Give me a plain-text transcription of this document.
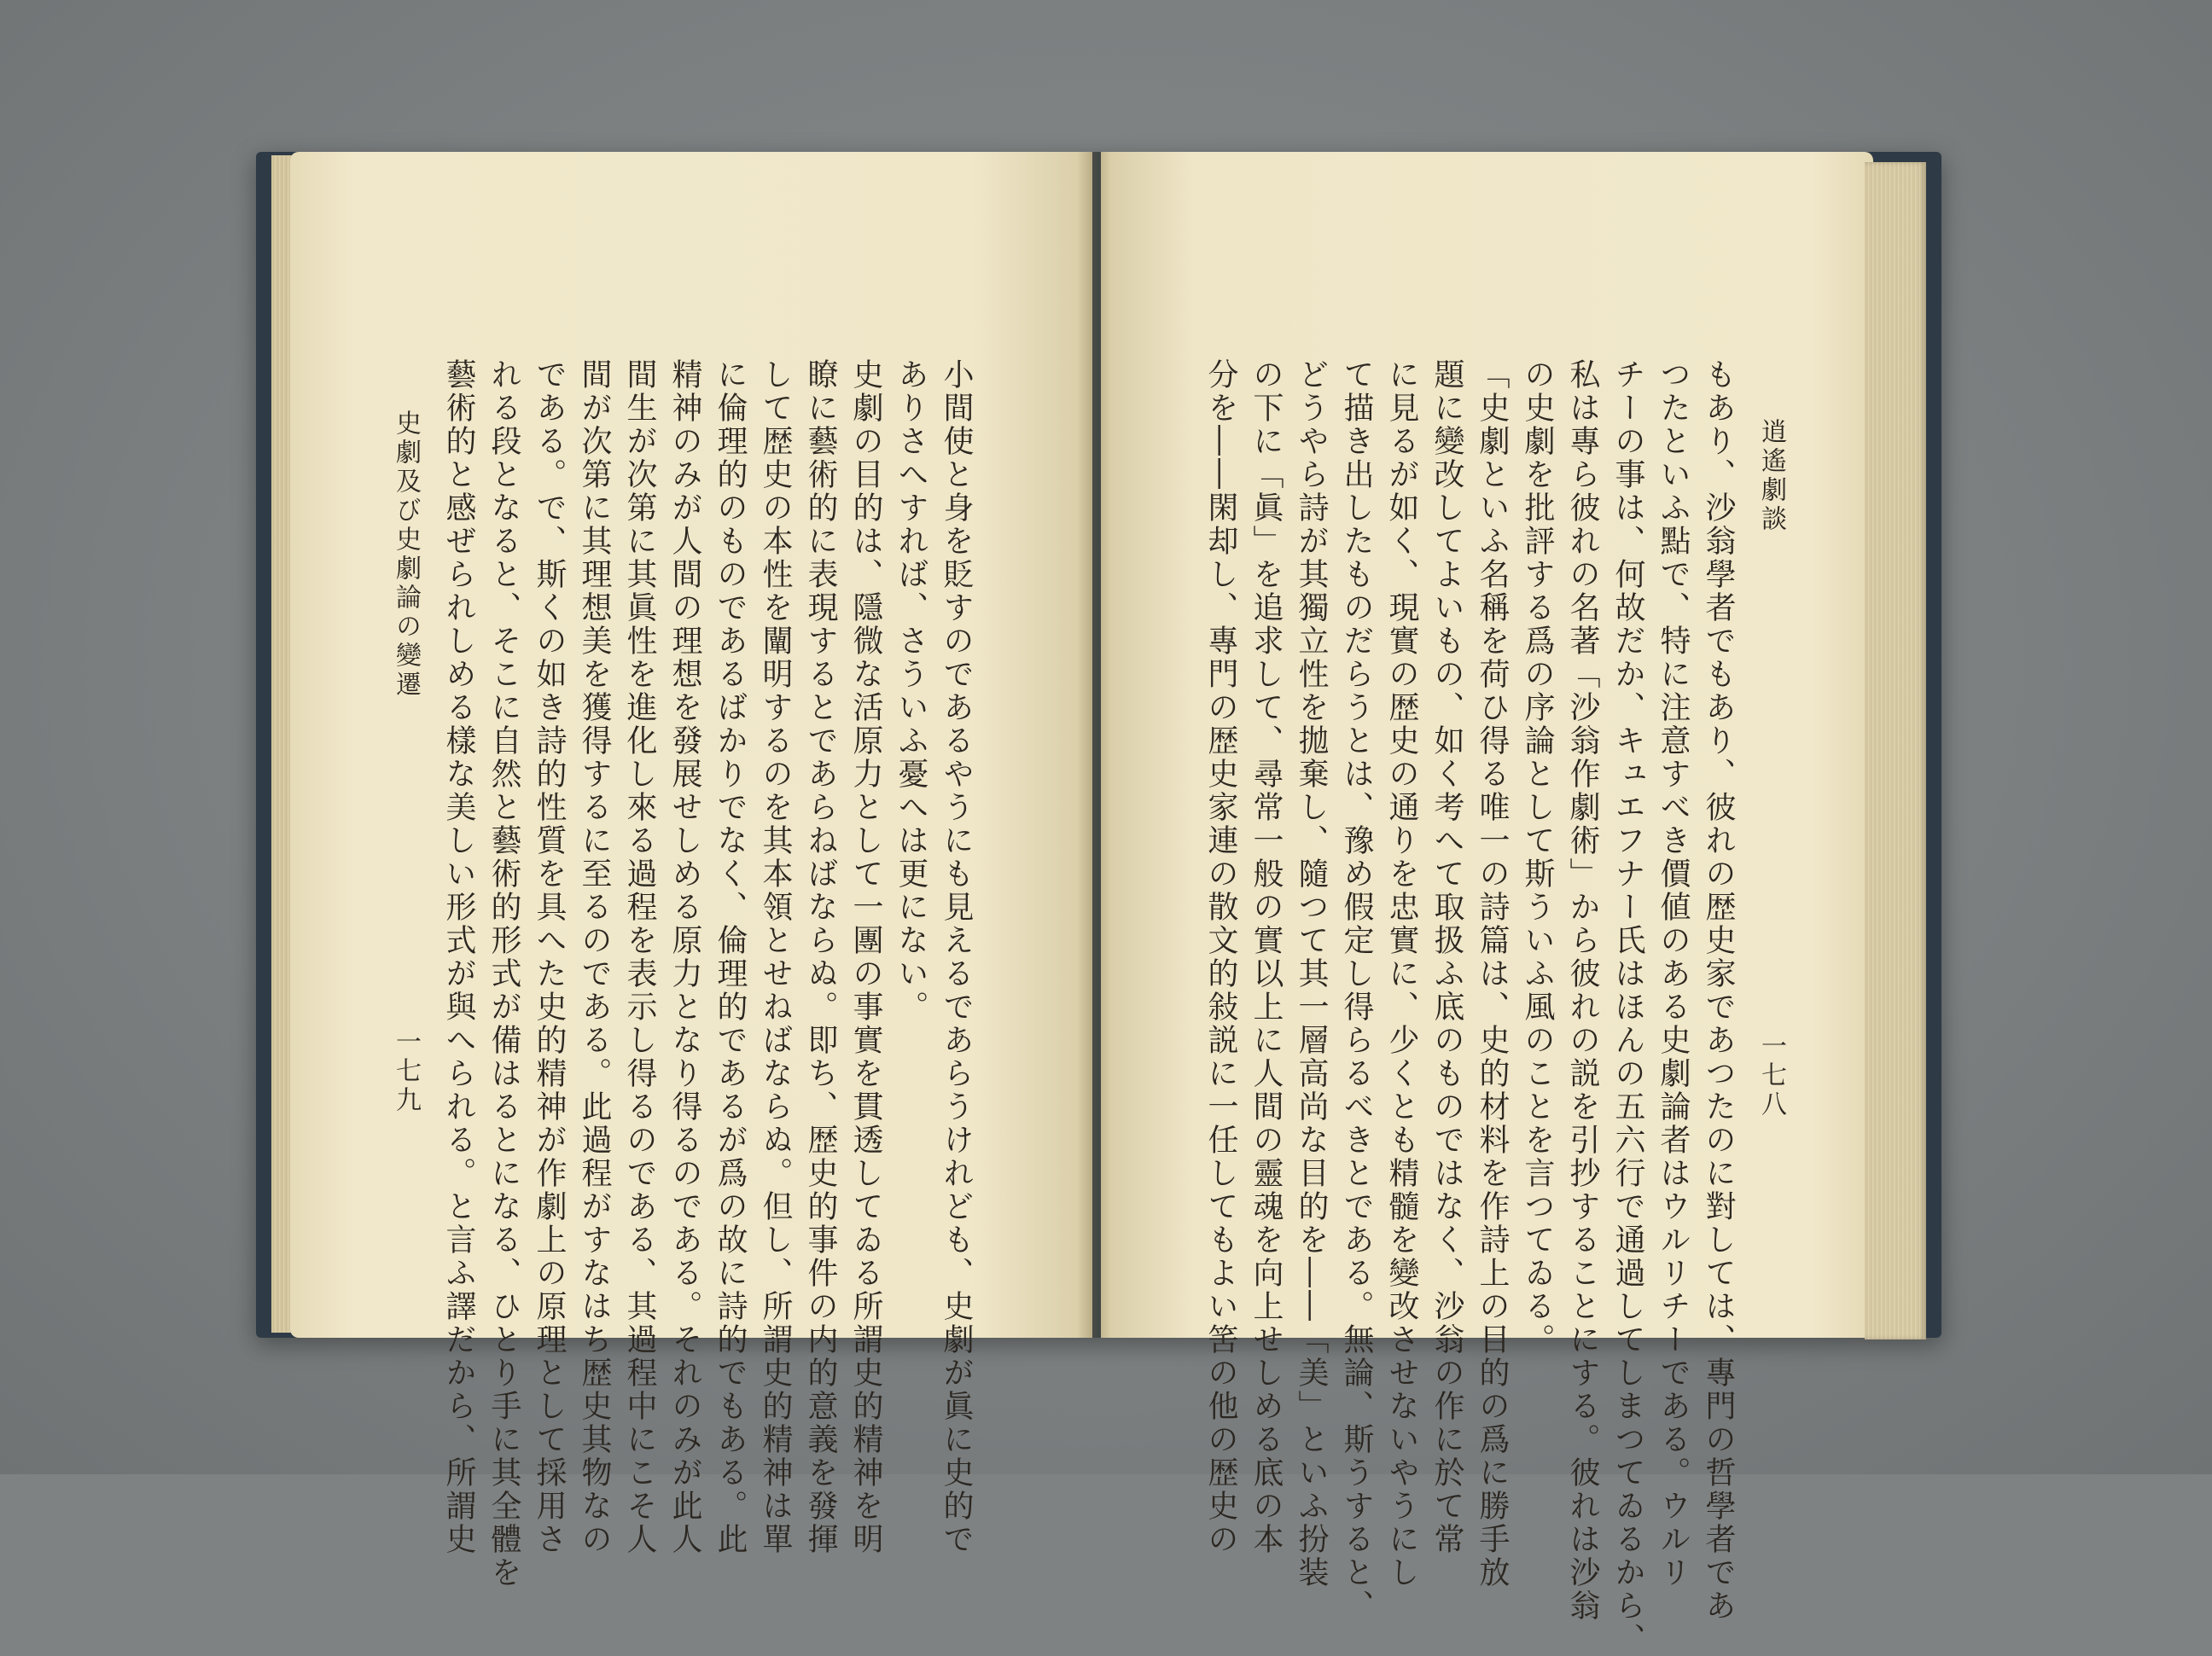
逍遙劇談
一七八
もあり、沙翁學者でもあり、彼れの歴史家であつたのに對しては、專門の哲學者であ
つたといふ點で、特に注意すべき價値のある史劇論者はウルリチーである。ウルリ
チーの事は、何故だか、キュエフナー氏はほんの五六行で通過してしまつてゐるから、
私は專ら彼れの名著「沙翁作劇術」から彼れの説を引抄することにする。彼れは沙翁
の史劇を批評する爲の序論として斯ういふ風のことを言つてゐる。
「史劇といふ名稱を荷ひ得る唯一の詩篇は、史的材料を作詩上の目的の爲に勝手放
題に變改してよいもの、如く考へて取扱ふ底のものではなく、沙翁の作に於て常
に見るが如く、現實の歴史の通りを忠實に、少くとも精髓を變改させないやうにし
て描き出したものだらうとは、豫め假定し得らるべきとである。無論、斯うすると、
どうやら詩が其獨立性を拋棄し、隨つて其一層高尚な目的を――「美」といふ扮装
の下に「眞」を追求して、尋常一般の實以上に人間の靈魂を向上せしめる底の本
分を――閑却し、專門の歴史家連の散文的敍説に一任してもよい筈の他の歴史の
小間使と身を貶すのであるやうにも見えるであらうけれども、史劇が眞に史的で
ありさへすれば、さういふ憂へは更にない。
史劇の目的は、隱微な活原力として一團の事實を貫透してゐる所謂史的精神を明
瞭に藝術的に表現するとであらねばならぬ。即ち、歴史的事件の内的意義を發揮
して歴史の本性を闡明するのを其本領とせねばならぬ。但し、所謂史的精神は單
に倫理的のものであるばかりでなく、倫理的であるが爲の故に詩的でもある。此
精神のみが人間の理想を發展せしめる原力となり得るのである。それのみが此人
間生が次第に其眞性を進化し來る過程を表示し得るのである、其過程中にこそ人
間が次第に其理想美を獲得するに至るのである。此過程がすなはち歴史其物なの
である。で、斯くの如き詩的性質を具へた史的精神が作劇上の原理として採用さ
れる段となると、そこに自然と藝術的形式が備はるとになる、ひとり手に其全體を
藝術的と感ぜられしめる樣な美しい形式が與へられる。と言ふ譯だから、所謂史
史劇及び史劇論の變遷
一七九
